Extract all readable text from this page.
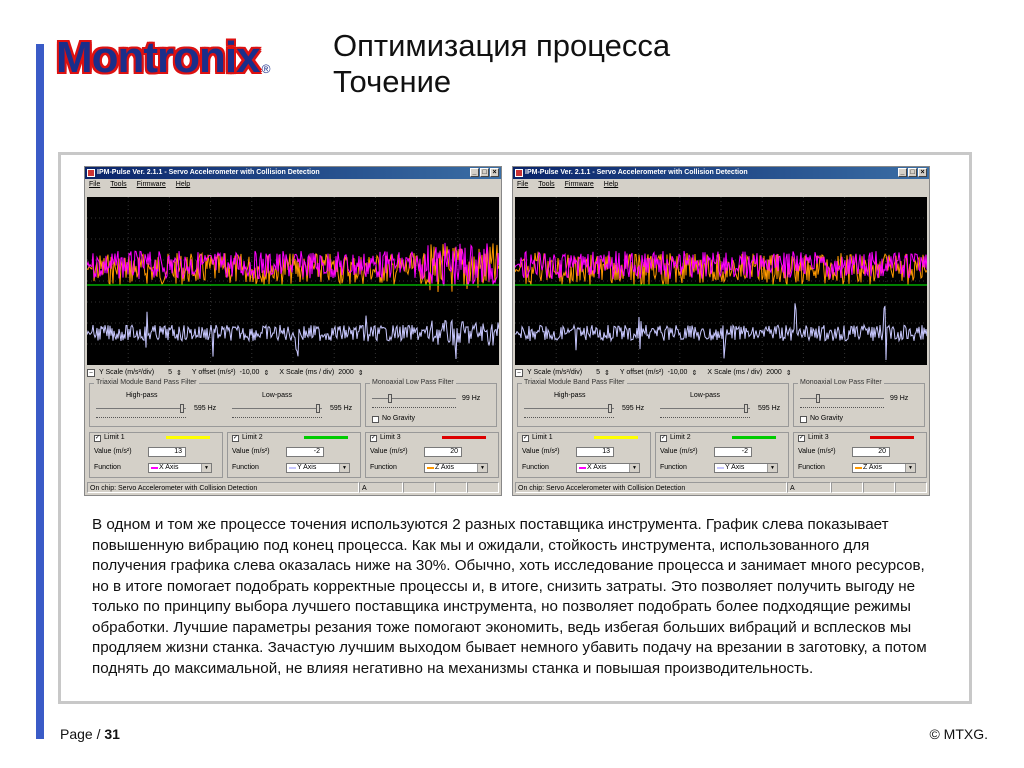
Montronix ®
Оптимизация процесса
Точение
IPM-Pulse Ver. 2.1.1 - Servo Accelerometer with Collision Detection	_ □ ×
File Tools Firmware Help
– Y Scale (m/s²/div) 5 ⇕ Y offset (m/s²) -10,00 ⇕ X Scale (ms / div) 2000 ⇕
Triaxial Module Band Pass Filter
High-pass
595 Hz
Low-pass
595 Hz
Monoaxial Low Pass Filter
99 Hz
No Gravity
✓ Limit 1
Value (m/s²)	13
Function	X Axis	▼
✓ Limit 2
Value (m/s²)	-2
Function	Y Axis	▼
✓ Limit 3
Value (m/s²)	20
Function	Z Axis	▼
On chip: Servo Accelerometer with Collision Detection	A
IPM-Pulse Ver. 2.1.1 - Servo Accelerometer with Collision Detection	_ □ ×
File Tools Firmware Help
– Y Scale (m/s²/div) 5 ⇕ Y offset (m/s²) -10,00 ⇕ X Scale (ms / div) 2000 ⇕
Triaxial Module Band Pass Filter
High-pass
595 Hz
Low-pass
595 Hz
Monoaxial Low Pass Filter
99 Hz
No Gravity
✓ Limit 1
Value (m/s²)	13
Function	X Axis	▼
✓ Limit 2
Value (m/s²)	-2
Function	Y Axis	▼
✓ Limit 3
Value (m/s²)	20
Function	Z Axis	▼
On chip: Servo Accelerometer with Collision Detection	A
В одном и том же процессе точения используются 2 разных поставщика инструмента. График слева показывает повышенную вибрацию под конец процесса. Как мы и ожидали, стойкость инструмента, использованного для получения графика слева оказалась ниже на 30%. Обычно, хоть исследование процесса и занимает много ресурсов, но в итоге помогает подобрать корректные процессы и, в итоге, снизить затраты. Это позволяет получить выгоду не только по принципу выбора лучшего поставщика инструмента, но позволяет подобрать более подходящие режимы обработки. Лучшие параметры резания тоже помогают экономить, ведь избегая больших вибраций и всплесков мы продляем жизни станка. Зачастую лучшим выходом бывает немного убавить подачу на врезании в заготовку, а потом поднять до максимальной, не влияя негативно на механизмы станка и повышая производительность.
Page / 31	© MTXG.
